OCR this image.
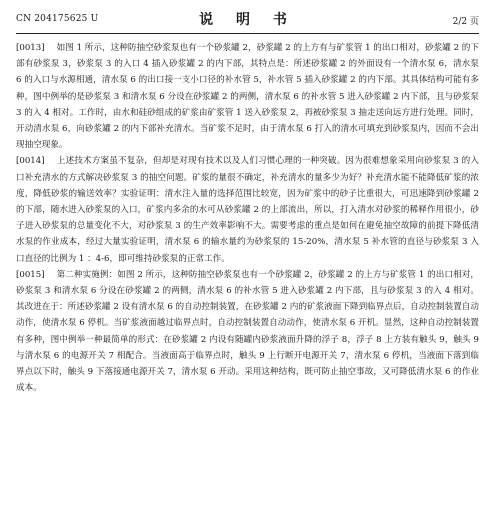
CN 204175625 U	说 明 书	2/2 页

[0013] 如图 1 所示，这种防抽空砂浆泵也有一个砂浆罐 2，砂浆罐 2 的上方有与矿浆管 1 的出口相对，砂浆罐 2 的下部有砂浆泵 3，砂浆泵 3 的入口 4 插入砂浆罐 2 的内下部，其特点是：所述砂浆罐 2 的外面设有一个清水泵 6，清水泵 6 的入口与水源相通，清水泵 6 的出口接一支小口径的补水管 5，补水管 5 插入砂浆罐 2 的内下部。其具体结构可能有多种，图中例举的是砂浆泵 3 和清水泵 6 分设在砂浆罐 2 的两侧，清水泵 6 的补水管 5 进入砂浆罐 2 内下部，且与砂浆泵 3 的入 4 相对。工作时，由水和硅砂组成的矿浆由矿浆管 1 送入砂浆泵 2，再被砂浆泵 3 抽走送向远方进行处理。同时，开动清水泵 6，向砂浆罐 2 的内下部补充清水。当矿浆不足时，由于清水泵 6 打入的清水可填充到砂浆泵内，因而不会出现抽空现象。

[0014] 上述技术方案虽不复杂，但却是对现有技术以及人们习惯心理的一种突破。因为很难想象采用向砂浆泵 3 的入口补充清水的方式解决砂浆泵 3 的抽空问题。矿浆的量很不确定，补充清水的量多少为好？补充清水能不能降低矿浆的浓度，降低砂浆的输送效率？实验证明：清水注入量的选择范围比较宽，因为矿浆中的砂子比重很大，可迅速降到砂浆罐 2 的下部，随水进入砂浆泵的入口，矿浆内多余的水可从砂浆罐 2 的上部流出，所以，打入清水对砂浆的稀释作用很小，砂子进入砂浆泵的总量变化不大，对砂浆泵 3 的生产效率影响不大。需要考虑的重点是如何在避免抽空故障的前提下降低清水泵的作业成本，经过大量实验证明，清水泵 6 的输水量约为砂浆泵的 15-20%，清水泵 5 补水管的直径与砂浆泵 3 入口直径的比例为 1 ：4-6，即可维持砂浆泵的正常工作。

[0015] 第二种实施例：如图 2 所示，这种防抽空砂浆泵也有一个砂浆罐 2，砂浆罐 2 的上方与矿浆管 1 的出口相对，砂浆泵 3 和清水泵 6 分设在砂浆罐 2 的两侧，清水泵 6 的补水管 5 进入砂浆罐 2 内下部，且与砂浆泵 3 的入 4 相对。其改进在于：所述砂浆罐 2 设有清水泵 6 的自动控制装置，在砂浆罐 2 内的矿浆液面下降到临界点后，自动控制装置自动动作，使清水泵 6 停机。当矿浆液面越过临界点时，自动控制装置自动动作，使清水泵 6 开机。显然，这种自动控制装置有多种，图中例举一种最简单的形式：在砂浆罐 2 内设有随罐内砂浆液面升降的浮子 8，浮子 8 上方装有触头 9，触头 9 与清水泵 6 的电源开关 7 相配合。当液面高于临界点时，触头 9 上行断开电源开关 7，清水泵 6 停机，当液面下落到临界点以下时，触头 9 下落接通电源开关 7，清水泵 6 开动。采用这种结构，既可防止抽空事故，又可降低清水泵 6 的作业成本。
